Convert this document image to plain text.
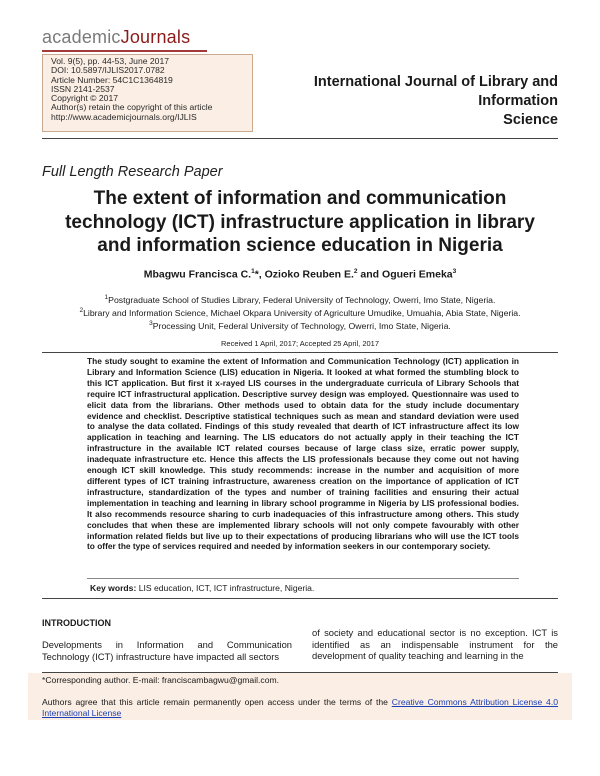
academicJournals
Vol. 9(5), pp. 44-53, June 2017
DOI: 10.5897/IJLIS2017.0782
Article Number: 54C1C1364819
ISSN 2141-2537
Copyright © 2017
Author(s) retain the copyright of this article
http://www.academicjournals.org/IJLIS
International Journal of Library and Information
Science
Full Length Research Paper
The extent of information and communication
technology (ICT) infrastructure application in library
and information science education in Nigeria
Mbagwu Francisca C.$^1$*, Ozioko Reuben E.$^2$ and Ogueri Emeka$^3$
$^1$Postgraduate School of Studies Library, Federal University of Technology, Owerri, Imo State, Nigeria.
$^2$Library and Information Science, Michael Okpara University of Agriculture Umudike, Umuahia, Abia State, Nigeria.
$^3$Processing Unit, Federal University of Technology, Owerri, Imo State, Nigeria.
Received 1 April, 2017; Accepted 25 April, 2017
The study sought to examine the extent of Information and Communication Technology (ICT) application in Library and Information Science (LIS) education in Nigeria. It looked at what formed the stumbling block to this ICT application. But first it x-rayed LIS courses in the undergraduate curricula of Library Schools that require ICT infrastructural application. Descriptive survey design was employed. Questionnaire was used to elicit data from the librarians. Other methods used to obtain data for the study include documentary evidence and checklist. Descriptive statistical techniques such as mean and standard deviation were used to analyse the data collated. Findings of this study revealed that dearth of ICT infrastructure affect its low application in teaching and learning. The LIS educators do not actually apply in their teaching the ICT infrastructure in the available ICT related courses because of large class size, erratic power supply, inadequate infrastructure etc. Hence this affects the LIS professionals because they come out not having enough ICT skill knowledge. This study recommends: increase in the number and acquisition of more different types of ICT training infrastructure, awareness creation on the importance of application of ICT infrastructure, standardization of the types and number of training facilities and ensuring their actual implementation in teaching and learning in library school programme in Nigeria by LIS professional bodies. It also recommends resource sharing to curb inadequacies of this infrastructure among others. This study concludes that when these are implemented library schools will not only compete favourably with other information related fields but live up to their expectations of producing librarians who will use the ICT tools to offer the type of services required and needed by information seekers in our contemporary society.
Key words: LIS education, ICT, ICT infrastructure, Nigeria.
INTRODUCTION
Developments in Information and Communication Technology (ICT) infrastructure have impacted all sectors
of society and educational sector is no exception. ICT is identified as an indispensable instrument for the development of quality teaching and learning in the
*Corresponding author. E-mail: franciscambagwu@gmail.com.
Authors agree that this article remain permanently open access under the terms of the Creative Commons Attribution License 4.0 International License
